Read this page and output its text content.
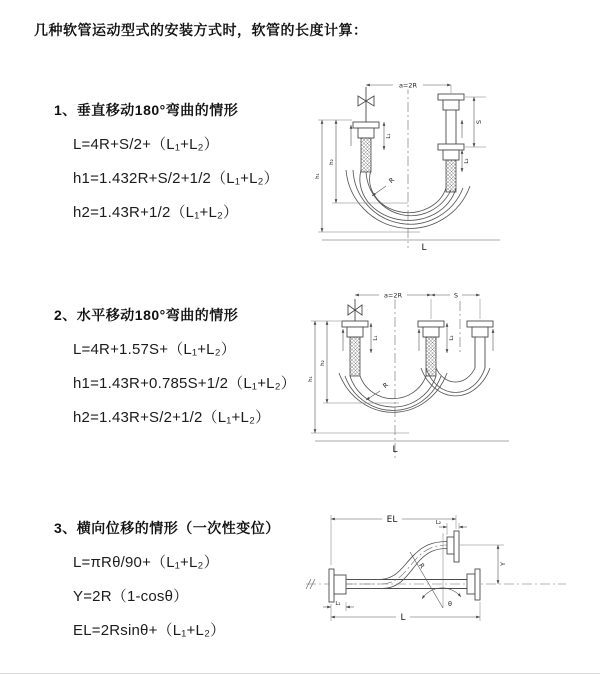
几种软管运动型式的安装方式时，软管的长度计算：

1、垂直移动180°弯曲的情形

L=4R+S/2+（L₁+L₂）

h1=1.432R+S/2+1/2（L₁+L₂）

h2=1.43R+1/2（L₁+L₂）

2、水平移动180°弯曲的情形

L=4R+1.57S+（L₁+L₂）

h1=1.43R+0.785S+1/2（L₁+L₂）

h2=1.43R+S/2+1/2（L₁+L₂）

3、横向位移的情形（一次性变位）

L=πRθ/90+（L₁+L₂）

Y=2R（1-cosθ）

EL=2Rsinθ+（L₁+L₂）

a=2R
S
L₂
L₁
h₁
h₂
R
L
a=2R	S
L₁	L₂
h₁
h₂
R
L
EL	L₂
Y
R
θ
L₁
L
